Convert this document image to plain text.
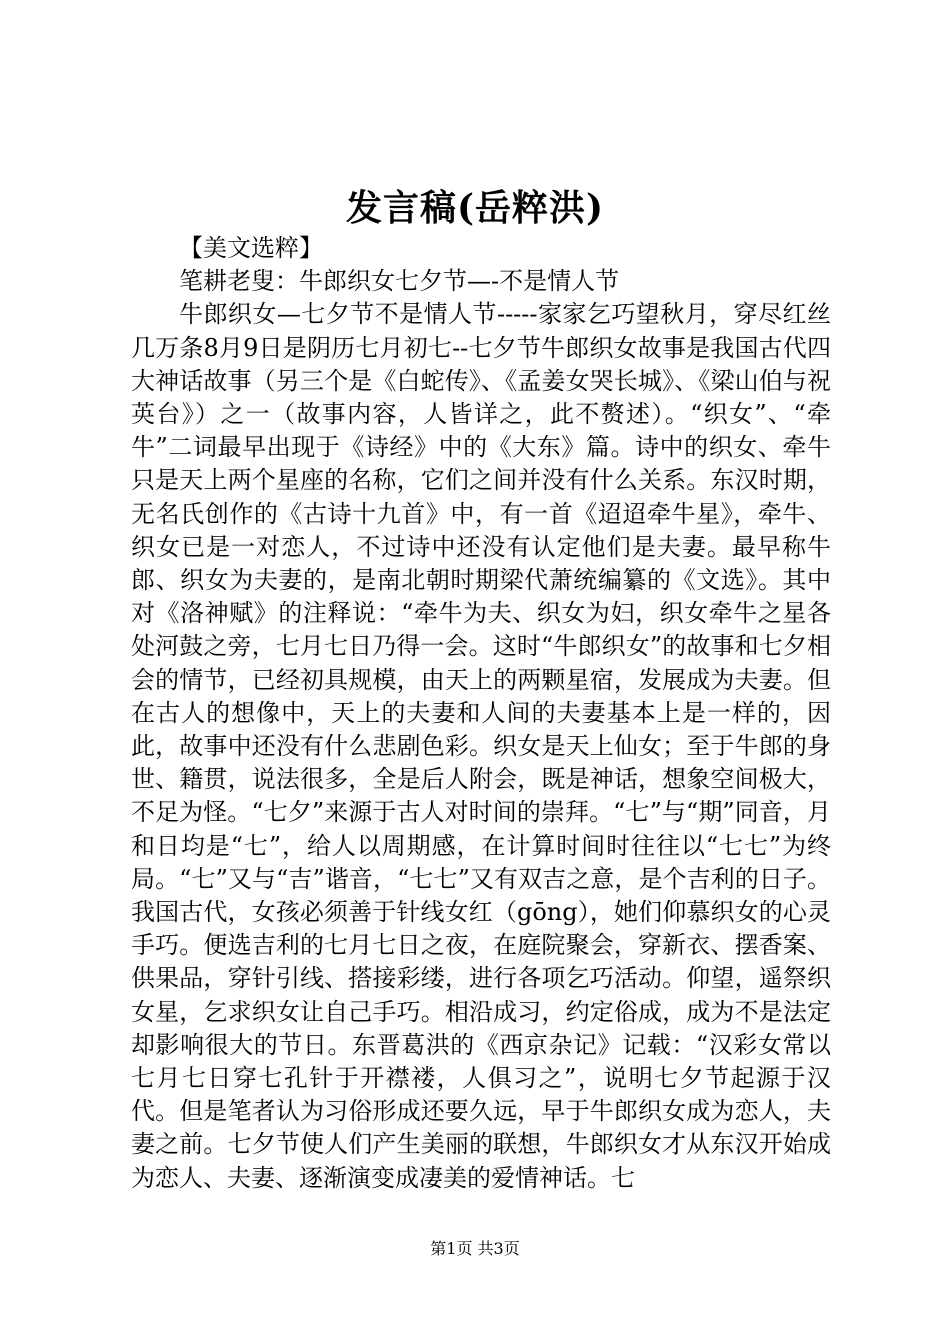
发言稿(岳粹洪)

【美文选粹】

笔耕老叟：牛郎织女七夕节—-不是情人节

牛郎织女—七夕节不是情人节-----家家乞巧望秋月，穿尽红丝几万条8月9日是阴历七月初七--七夕节牛郎织女故事是我国古代四大神话故事（另三个是《白蛇传》、《孟姜女哭长城》、《梁山伯与祝英台》）之一（故事内容，人皆详之，此不赘述）。“织女”、“牵牛”二词最早出现于《诗经》中的《大东》篇。诗中的织女、牵牛只是天上两个星座的名称，它们之间并没有什么关系。东汉时期，无名氏创作的《古诗十九首》中，有一首《迢迢牵牛星》，牵牛、织女已是一对恋人，不过诗中还没有认定他们是夫妻。最早称牛郎、织女为夫妻的，是南北朝时期梁代萧统编纂的《文选》。其中对《洛神赋》的注释说：“牵牛为夫、织女为妇，织女牵牛之星各处河鼓之旁，七月七日乃得一会。这时“牛郎织女”的故事和七夕相会的情节，已经初具规模，由天上的两颗星宿，发展成为夫妻。但在古人的想像中，天上的夫妻和人间的夫妻基本上是一样的，因此，故事中还没有什么悲剧色彩。织女是天上仙女；至于牛郎的身世、籍贯，说法很多，全是后人附会，既是神话，想象空间极大，不足为怪。“七夕”来源于古人对时间的崇拜。“七”与“期”同音，月和日均是“七”，给人以周期感，在计算时间时往往以“七七”为终局。“七”又与“吉”谐音，“七七”又有双吉之意，是个吉利的日子。我国古代，女孩必须善于针线女红（gōng），她们仰慕织女的心灵手巧。便选吉利的七月七日之夜，在庭院聚会，穿新衣、摆香案、供果品，穿针引线、搭接彩缕，进行各项乞巧活动。仰望，遥祭织女星，乞求织女让自己手巧。相沿成习，约定俗成，成为不是法定却影响很大的节日。东晋葛洪的《西京杂记》记载：“汉彩女常以七月七日穿七孔针于开襟褛，人俱习之”，说明七夕节起源于汉代。但是笔者认为习俗形成还要久远，早于牛郎织女成为恋人，夫妻之前。七夕节使人们产生美丽的联想，牛郎织女才从东汉开始成为恋人、夫妻、逐渐演变成凄美的爱情神话。七

第1页 共3页
